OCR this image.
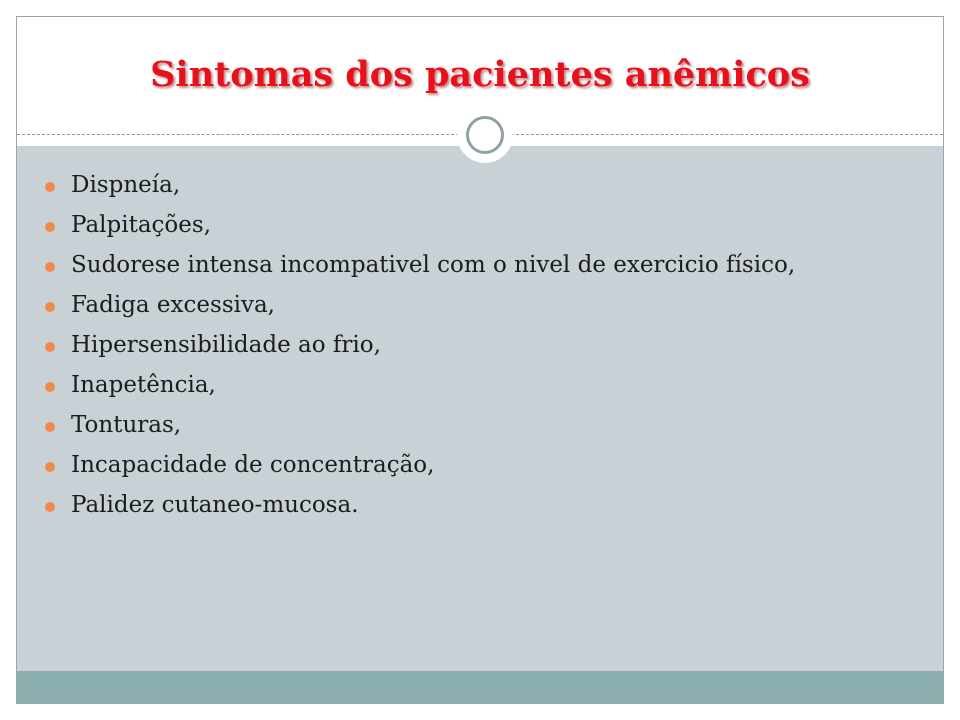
Sintomas dos pacientes anêmicos
Dispneía,
Palpitações,
Sudorese intensa incompativel com o nivel de exercicio físico,
Fadiga excessiva,
Hipersensibilidade ao frio,
Inapetência,
Tonturas,
Incapacidade de concentração,
Palidez cutaneo-mucosa.
